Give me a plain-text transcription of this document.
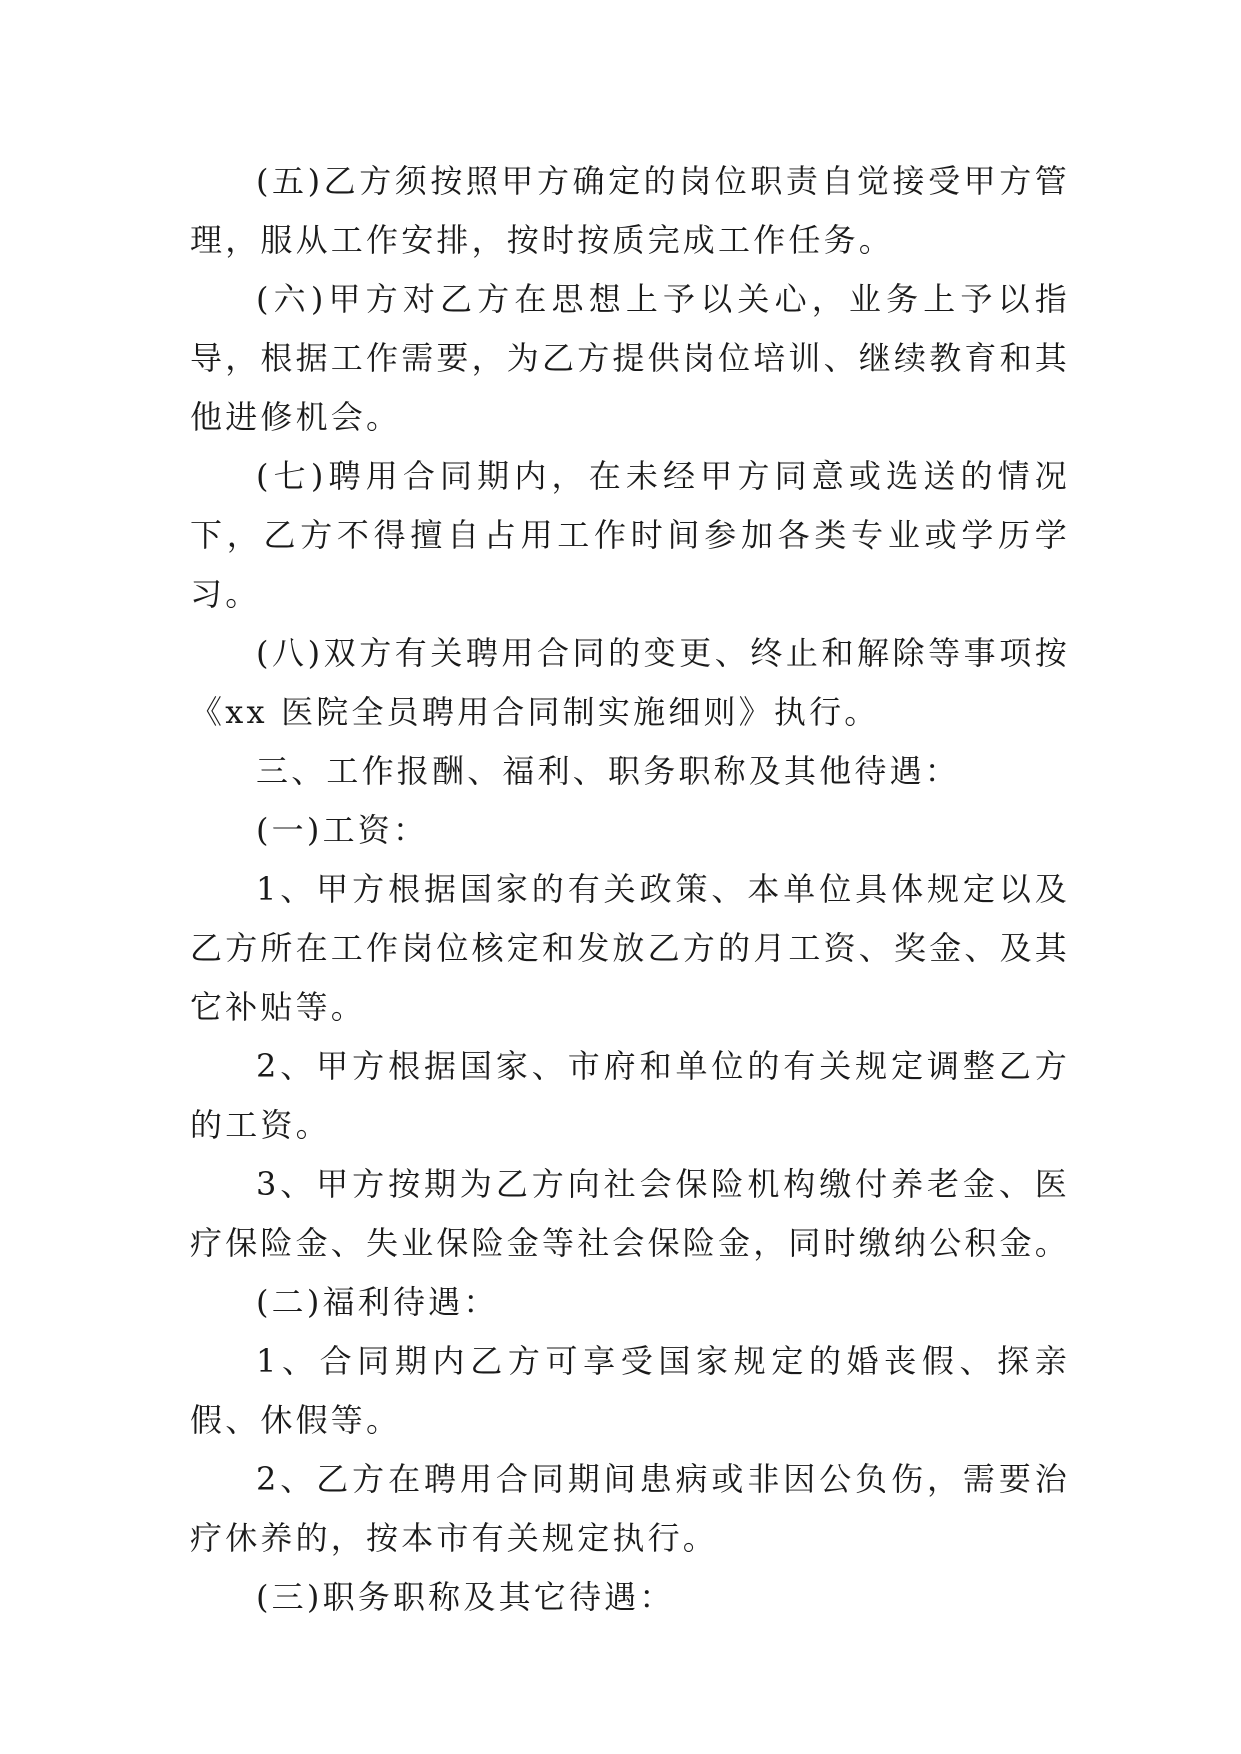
(五)乙方须按照甲方确定的岗位职责自觉接受甲方管理，服从工作安排，按时按质完成工作任务。

(六)甲方对乙方在思想上予以关心，业务上予以指导，根据工作需要，为乙方提供岗位培训、继续教育和其他进修机会。

(七)聘用合同期内，在未经甲方同意或选送的情况下，乙方不得擅自占用工作时间参加各类专业或学历学习。

(八)双方有关聘用合同的变更、终止和解除等事项按《xx 医院全员聘用合同制实施细则》执行。

三、工作报酬、福利、职务职称及其他待遇：

(一)工资：

1、甲方根据国家的有关政策、本单位具体规定以及乙方所在工作岗位核定和发放乙方的月工资、奖金、及其它补贴等。

2、甲方根据国家、市府和单位的有关规定调整乙方的工资。

3、甲方按期为乙方向社会保险机构缴付养老金、医疗保险金、失业保险金等社会保险金，同时缴纳公积金。

(二)福利待遇：

1、合同期内乙方可享受国家规定的婚丧假、探亲假、休假等。

2、乙方在聘用合同期间患病或非因公负伤，需要治疗休养的，按本市有关规定执行。

(三)职务职称及其它待遇：
